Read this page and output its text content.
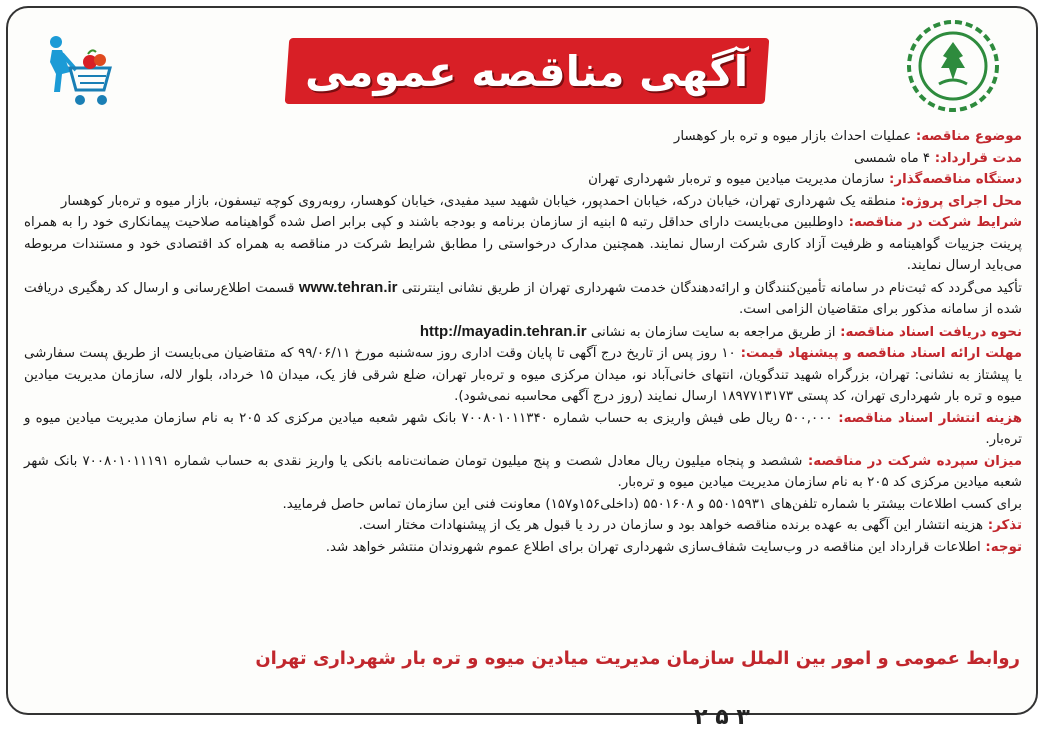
آگهی مناقصه عمومی

موضوع مناقصه: عملیات احداث بازار میوه و تره بار کوهسار

مدت قرارداد: ۴ ماه شمسی

دستگاه مناقصه‌گذار: سازمان مدیریت میادین میوه و تره‌بار شهرداری تهران

محل اجرای پروژه: منطقه یک شهرداری تهران، خیابان درکه، خیابان احمدپور، خیابان شهید سید مفیدی، خیابان کوهسار، روبه‌روی کوچه تیسفون، بازار میوه و تره‌بار کوهسار

شرایط شرکت در مناقصه: داوطلبین می‌بایست دارای حداقل رتبه ۵ ابنیه از سازمان برنامه و بودجه باشند و کپی برابر اصل شده گواهینامه صلاحیت پیمانکاری خود را به همراه پرینت جزییات گواهینامه و ظرفیت آزاد کاری شرکت ارسال نمایند. همچنین مدارک درخواستی را مطابق شرایط شرکت در مناقصه به همراه کد اقتصادی خود و مستندات مربوطه می‌باید ارسال نمایند.

تأکید می‌گردد که ثبت‌نام در سامانه تأمین‌کنندگان و ارائه‌دهندگان خدمت شهرداری تهران از طریق نشانی اینترنتی www.tehran.ir قسمت اطلاع‌رسانی و ارسال کد رهگیری دریافت شده از سامانه مذکور برای متقاضیان الزامی است.

نحوه دریافت اسناد مناقصه: از طریق مراجعه به سایت سازمان به نشانی http://mayadin.tehran.ir

مهلت ارائه اسناد مناقصه و پیشنهاد قیمت: ۱۰ روز پس از تاریخ درج آگهی تا پایان وقت اداری روز سه‌شنبه مورخ ۹۹/۰۶/۱۱ که متقاضیان می‌بایست از طریق پست سفارشی یا پیشتاز به نشانی: تهران، بزرگراه شهید تندگویان، انتهای خانی‌آباد نو، میدان مرکزی میوه و تره‌بار تهران، ضلع شرقی فاز یک، میدان ۱۵ خرداد، بلوار لاله، سازمان مدیریت میادین میوه و تره بار شهرداری تهران، کد پستی ۱۸۹۷۷۱۳۱۷۳ ارسال نمایند (روز درج آگهی محاسبه نمی‌شود).

هزینه انتشار اسناد مناقصه: ۵۰۰,۰۰۰ ریال طی فیش واریزی به حساب شماره ۷۰۰۸۰۱۰۱۱۳۴۰ بانک شهر شعبه میادین مرکزی کد ۲۰۵ به نام سازمان مدیریت میادین میوه و تره‌بار.

میزان سپرده شرکت در مناقصه: ششصد و پنجاه میلیون ریال معادل شصت و پنج میلیون تومان ضمانت‌نامه بانکی یا واریز نقدی به حساب شماره ۷۰۰۸۰۱۰۱۱۱۹۱ بانک شهر شعبه میادین مرکزی کد ۲۰۵ به نام سازمان مدیریت میادین میوه و تره‌بار.

برای کسب اطلاعات بیشتر با شماره تلفن‌های ۵۵۰۱۵۹۳۱ و ۵۵۰۱۶۰۸ (داخلی۱۵۶و۱۵۷) معاونت فنی این سازمان تماس حاصل فرمایید.

تذکر: هزینه انتشار این آگهی به عهده برنده مناقصه خواهد بود و سازمان در رد یا قبول هر یک از پیشنهادات مختار است.

توجه: اطلاعات قرارداد این مناقصه در وب‌سایت شفاف‌سازی شهرداری تهران برای اطلاع عموم شهروندان منتشر خواهد شد.

روابط عمومی و امور بین الملل سازمان مدیریت میادین میوه و تره بار شهرداری تهران
۳ ۵ ۲
